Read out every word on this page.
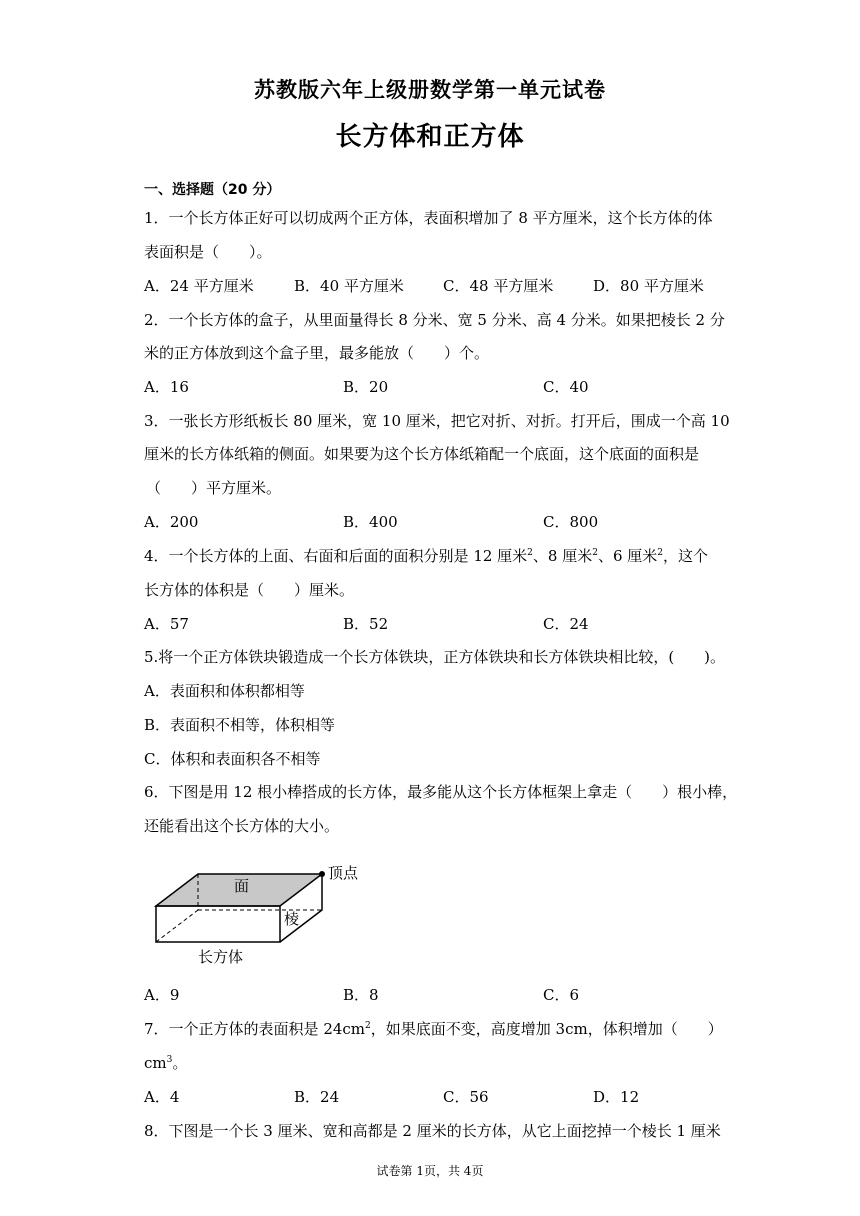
苏教版六年上级册数学第一单元试卷
长方体和正方体
一、选择题（20 分）
1．一个长方体正好可以切成两个正方体，表面积增加了 8 平方厘米，这个长方体的体
表面积是（　　）。
A．24 平方厘米	B．40 平方厘米	C．48 平方厘米	D．80 平方厘米
2．一个长方体的盒子，从里面量得长 8 分米、宽 5 分米、高 4 分米。如果把棱长 2 分
米的正方体放到这个盒子里，最多能放（　　）个。
A．16	B．20	C．40
3．一张长方形纸板长 80 厘米，宽 10 厘米，把它对折、对折。打开后，围成一个高 10
厘米的长方体纸箱的侧面。如果要为这个长方体纸箱配一个底面，这个底面的面积是
（　　）平方厘米。
A．200	B．400	C．800
4．一个长方体的上面、右面和后面的面积分别是 12 厘米$^2$、8 厘米$^2$、6 厘米$^2$，这个
长方体的体积是（　　）厘米。
A．57	B．52	C．24
5.将一个正方体铁块锻造成一个长方体铁块，正方体铁块和长方体铁块相比较，(　　)。
A．表面积和体积都相等
B．表面积不相等，体积相等
C．体积和表面积各不相等
6．下图是用 12 根小棒搭成的长方体，最多能从这个长方体框架上拿走（　　）根小棒，
还能看出这个长方体的大小。
面
顶点
棱
长方体
A．9	B．8	C．6
7．一个正方体的表面积是 $24cm^2$，如果底面不变，高度增加 3cm，体积增加（　　）
$cm^3$。
A．4	B．24	C．56	D．12
8．下图是一个长 3 厘米、宽和高都是 2 厘米的长方体，从它上面挖掉一个棱长 1 厘米
试卷第 1页，共 4页
